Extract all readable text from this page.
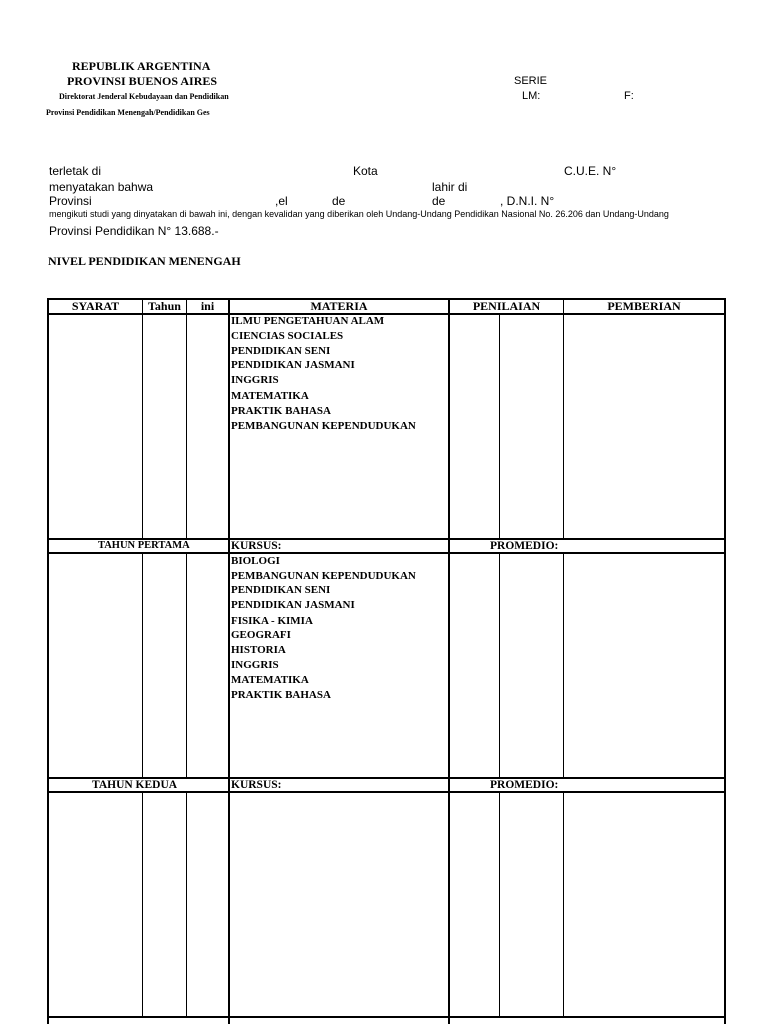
REPUBLIK ARGENTINA
PROVINSI BUENOS AIRES
Direktorat Jenderal Kebudayaan dan Pendidikan
Provinsi Pendidikan Menengah/Pendidikan Ges
SERIE
LM:	F:
terletak di	Kota	C.U.E. N°
menyatakan bahwa	lahir di
Provinsi	,el	de	de	, D.N.I. N°
mengikuti studi yang dinyatakan di bawah ini, dengan kevalidan yang diberikan oleh Undang-Undang Pendidikan Nasional No. 26.206 dan Undang-Undang
Provinsi Pendidikan N° 13.688.-
NIVEL PENDIDIKAN MENENGAH
SYARAT	Tahun	ini	MATERIA	PENILAIAN	PEMBERIAN
ILMU PENGETAHUAN ALAM
CIENCIAS SOCIALES
PENDIDIKAN SENI
PENDIDIKAN JASMANI
INGGRIS
MATEMATIKA
PRAKTIK BAHASA
PEMBANGUNAN KEPENDUDUKAN
TAHUN PERTAMA	KURSUS:	PROMEDIO:
BIOLOGI
PEMBANGUNAN KEPENDUDUKAN
PENDIDIKAN SENI
PENDIDIKAN JASMANI
FISIKA - KIMIA
GEOGRAFI
HISTORIA
INGGRIS
MATEMATIKA
PRAKTIK BAHASA
TAHUN KEDUA	KURSUS:	PROMEDIO:
